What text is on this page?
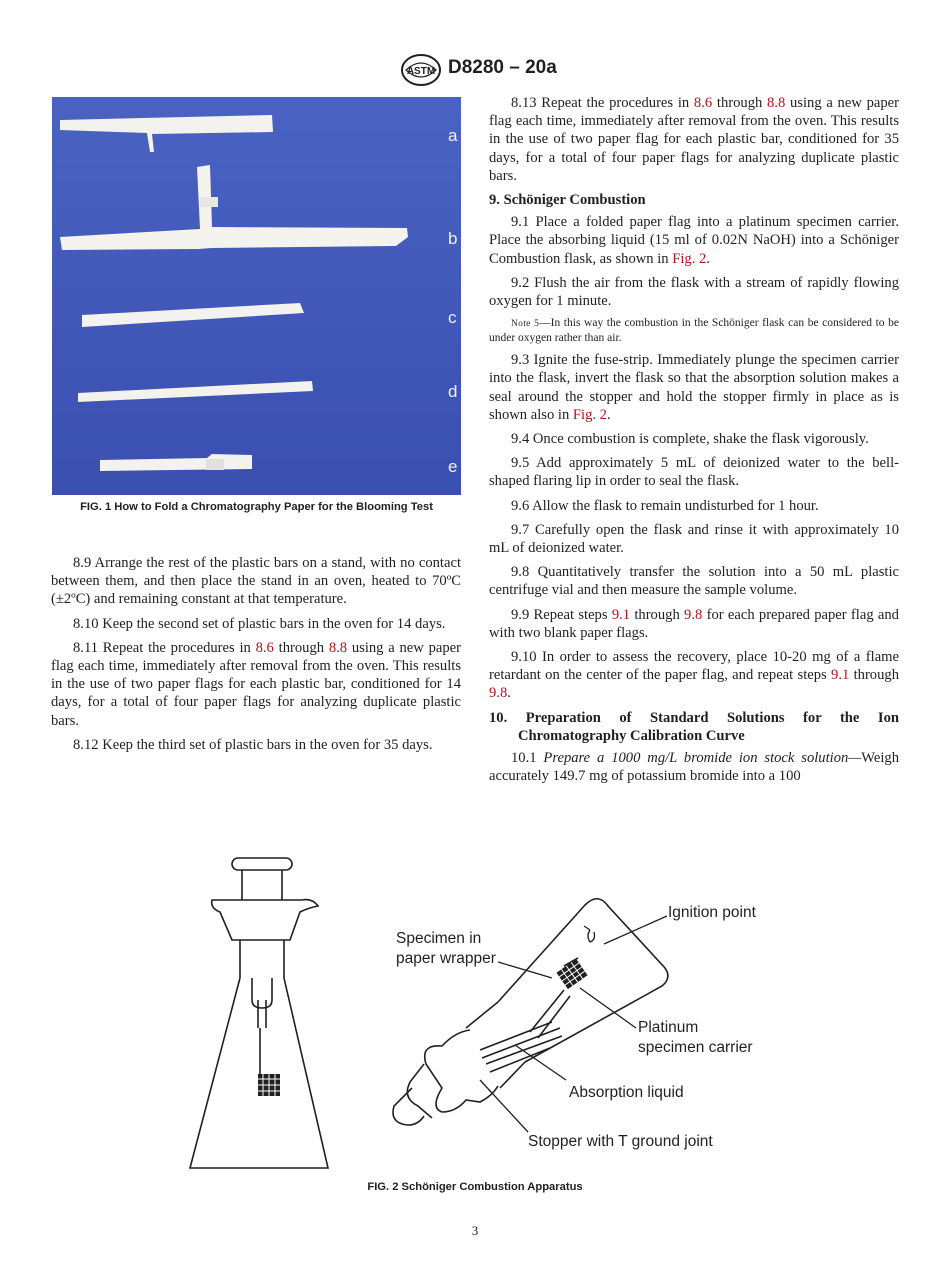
ASTM D8280 – 20a
a
b
c
d
e
FIG. 1 How to Fold a Chromatography Paper for the Blooming Test

8.9 Arrange the rest of the plastic bars on a stand, with no contact between them, and then place the stand in an oven, heated to 70ºC (±2ºC) and remaining constant at that temperature.

8.10 Keep the second set of plastic bars in the oven for 14 days.

8.11 Repeat the procedures in 8.6 through 8.8 using a new paper flag each time, immediately after removal from the oven. This results in the use of two paper flags for each plastic bar, conditioned for 14 days, for a total of four paper flags for analyzing duplicate plastic bars.

8.12 Keep the third set of plastic bars in the oven for 35 days.

8.13 Repeat the procedures in 8.6 through 8.8 using a new paper flag each time, immediately after removal from the oven. This results in the use of two paper flag for each plastic bar, conditioned for 35 days, for a total of four paper flags for analyzing duplicate plastic bars.

9. Schöniger Combustion

9.1 Place a folded paper flag into a platinum specimen carrier. Place the absorbing liquid (15 ml of 0.02N NaOH) into a Schöniger Combustion flask, as shown in Fig. 2.

9.2 Flush the air from the flask with a stream of rapidly flowing oxygen for 1 minute.

Note 5—In this way the combustion in the Schöniger flask can be considered to be under oxygen rather than air.

9.3 Ignite the fuse-strip. Immediately plunge the specimen carrier into the flask, invert the flask so that the absorption solution makes a seal around the stopper and hold the stopper firmly in place as is shown also in Fig. 2.

9.4 Once combustion is complete, shake the flask vigorously.

9.5 Add approximately 5 mL of deionized water to the bell-shaped flaring lip in order to seal the flask.

9.6 Allow the flask to remain undisturbed for 1 hour.

9.7 Carefully open the flask and rinse it with approximately 10 mL of deionized water.

9.8 Quantitatively transfer the solution into a 50 mL plastic centrifuge vial and then measure the sample volume.

9.9 Repeat steps 9.1 through 9.8 for each prepared paper flag and with two blank paper flags.

9.10 In order to assess the recovery, place 10-20 mg of a flame retardant on the center of the paper flag, and repeat steps 9.1 through 9.8.

10. Preparation of Standard Solutions for the Ion Chromatography Calibration Curve

10.1 Prepare a 1000 mg/L bromide ion stock solution—Weigh accurately 149.7 mg of potassium bromide into a 100

Ignition point
Specimen in
paper wrapper
Platinum
specimen carrier
Absorption liquid
Stopper with T ground joint
FIG. 2 Schöniger Combustion Apparatus
3
